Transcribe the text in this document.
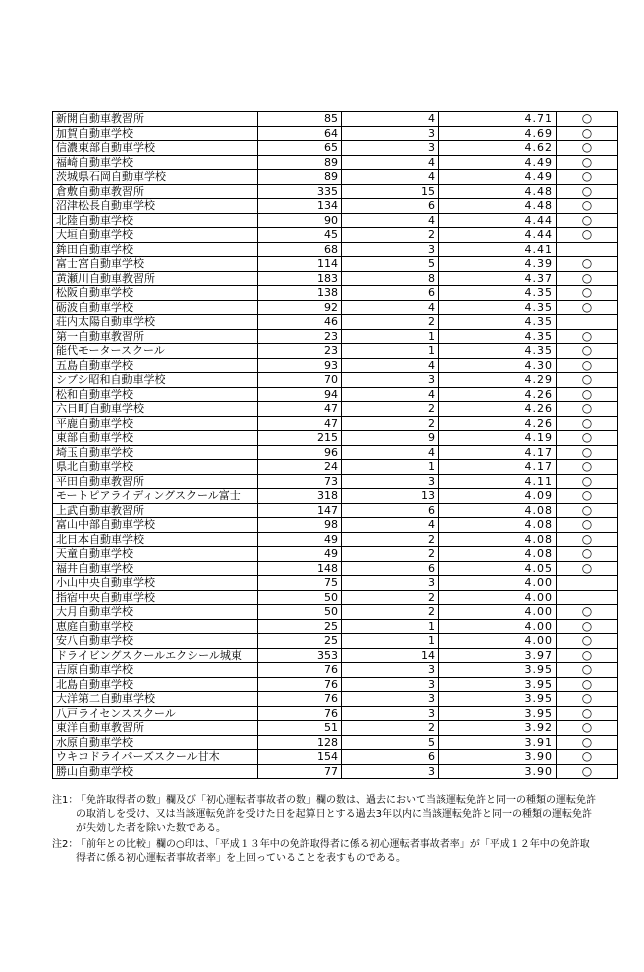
新開自動車教習所	85	4	4.71	○
加賀自動車学校	64	3	4.69	○
信濃東部自動車学校	65	3	4.62	○
福崎自動車学校	89	4	4.49	○
茨城県石岡自動車学校	89	4	4.49	○
倉敷自動車教習所	335	15	4.48	○
沼津松長自動車学校	134	6	4.48	○
北陸自動車学校	90	4	4.44	○
大垣自動車学校	45	2	4.44	○
鉾田自動車学校	68	3	4.41	
富士宮自動車学校	114	5	4.39	○
黄瀬川自動車教習所	183	8	4.37	○
松阪自動車学校	138	6	4.35	○
砺波自動車学校	92	4	4.35	○
荘内太陽自動車学校	46	2	4.35	
第一自動車教習所	23	1	4.35	○
能代モータースクール	23	1	4.35	○
五島自動車学校	93	4	4.30	○
シブシ昭和自動車学校	70	3	4.29	○
松和自動車学校	94	4	4.26	○
六日町自動車学校	47	2	4.26	○
平鹿自動車学校	47	2	4.26	○
東部自動車学校	215	9	4.19	○
埼玉自動車学校	96	4	4.17	○
県北自動車学校	24	1	4.17	○
平田自動車教習所	73	3	4.11	○
モートピアライディングスクール富士	318	13	4.09	○
上武自動車教習所	147	6	4.08	○
富山中部自動車学校	98	4	4.08	○
北日本自動車学校	49	2	4.08	○
天童自動車学校	49	2	4.08	○
福井自動車学校	148	6	4.05	○
小山中央自動車学校	75	3	4.00	
指宿中央自動車学校	50	2	4.00	
大月自動車学校	50	2	4.00	○
恵庭自動車学校	25	1	4.00	○
安八自動車学校	25	1	4.00	○
ドライビングスクールエクシール城東	353	14	3.97	○
吉原自動車学校	76	3	3.95	○
北島自動車学校	76	3	3.95	○
大洋第二自動車学校	76	3	3.95	○
八戸ライセンススクール	76	3	3.95	○
東洋自動車教習所	51	2	3.92	○
水原自動車学校	128	5	3.91	○
ウキコドライバーズスクール甘木	154	6	3.90	○
勝山自動車学校	77	3	3.90	○
注1：
「免許取得者の数」欄及び「初心運転者事故者の数」欄の数は、過去において当該運転免許と同一の種類の運転免許の取消しを受け、又は当該運転免許を受けた日を起算日とする過去3年以内に当該運転免許と同一の種類の運転免許が失効した者を除いた数である。
注2：
「前年との比較」欄の○印は、「平成１３年中の免許取得者に係る初心運転者事故者率」が「平成１２年中の免許取得者に係る初心運転者事故者率」を上回っていることを表すものである。
